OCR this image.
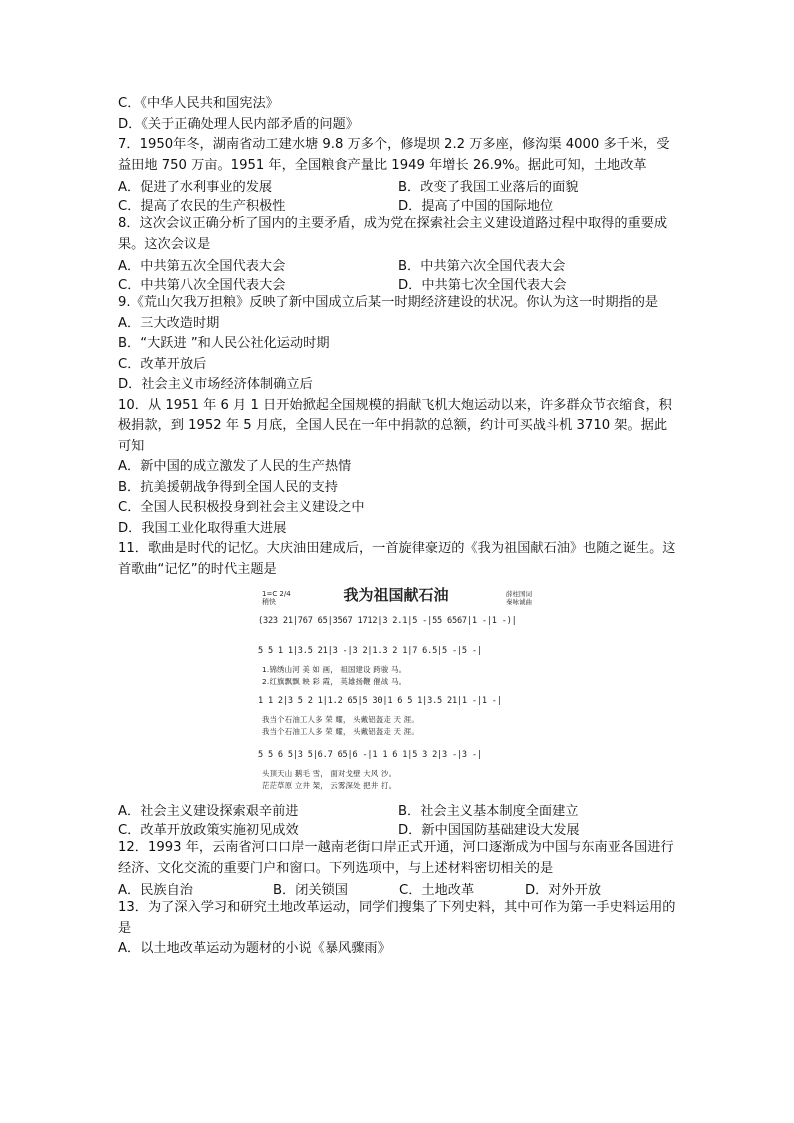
C．《中华人民共和国宪法》
D．《关于正确处理人民内部矛盾的问题》
7．1950年冬，湖南省动工建水塘 9.8 万多个，修堤坝 2.2 万多座，修沟渠 4000 多千米，受益田地 750 万亩。1951 年，全国粮食产量比 1949 年增长 26.9%。据此可知，土地改革
A．促进了水利事业的发展	B．改变了我国工业落后的面貌
C．提高了农民的生产积极性	D．提高了中国的国际地位
8．这次会议正确分析了国内的主要矛盾，成为党在探索社会主义建设道路过程中取得的重要成果。这次会议是
A．中共第五次全国代表大会	B．中共第六次全国代表大会
C．中共第八次全国代表大会	D．中共第七次全国代表大会
9.《荒山欠我万担粮》反映了新中国成立后某一时期经济建设的状况。你认为这一时期指的是
A．三大改造时期
B．“大跃进 ”和人民公社化运动时期
C．改革开放后
D．社会主义市场经济体制确立后
10．从 1951 年 6 月 1 日开始掀起全国规模的捐献飞机大炮运动以来，许多群众节衣缩食，积极捐款，到 1952 年 5 月底，全国人民在一年中捐款的总额，约计可买战斗机 3710 架。据此可知
A．新中国的成立激发了人民的生产热情
B．抗美援朝战争得到全国人民的支持
C．全国人民积极投身到社会主义建设之中
D．我国工业化取得重大进展
11．歌曲是时代的记忆。大庆油田建成后，一首旋律豪迈的《我为祖国献石油》也随之诞生。这首歌曲“记忆”的时代主题是
我为祖国献石油
1=C 2/4
稍快
薛柱国词
秦咏诚曲
(323 21|767 65|3567 1712|3 2.1|5 -|55 6567|1 -|1 -)|
5 5 1 1|3.5 21|3 -|3 2|1.3 2 1|7 6.5|5 -|5 -|
1.锦绣山河 美 如 画， 祖国建设 跨骏 马。
2.红旗飘飘 映 彩 霞， 英雄扬鞭 催战 马。
1 1 2|3 5 2 1|1.2 65|5 30|1 6 5 1|3.5 21|1 -|1 -|
我当个石油工人多 荣 耀， 头戴铝盔走 天 涯。
我当个石油工人多 荣 耀， 头戴铝盔走 天 涯。
5 5 6 5|3 5|6.7 65|6 -|1 1 6 1|5 3 2|3 -|3 -|
头顶天山 鹅毛 雪， 面对戈壁 大风 沙。
茫茫草原 立井 架， 云雾深处 把井 打。
A．社会主义建设探索艰辛前进	B．社会主义基本制度全面建立
C．改革开放政策实施初见成效	D．新中国国防基础建设大发展
12．1993 年，云南省河口口岸一越南老街口岸正式开通，河口逐渐成为中国与东南亚各国进行经济、文化交流的重要门户和窗口。下列选项中，与上述材料密切相关的是
A．民族自治	B．闭关锁国	C．土地改革	D．对外开放
13．为了深入学习和研究土地改革运动，同学们搜集了下列史料，其中可作为第一手史料运用的是
A．以土地改革运动为题材的小说《暴风骤雨》
